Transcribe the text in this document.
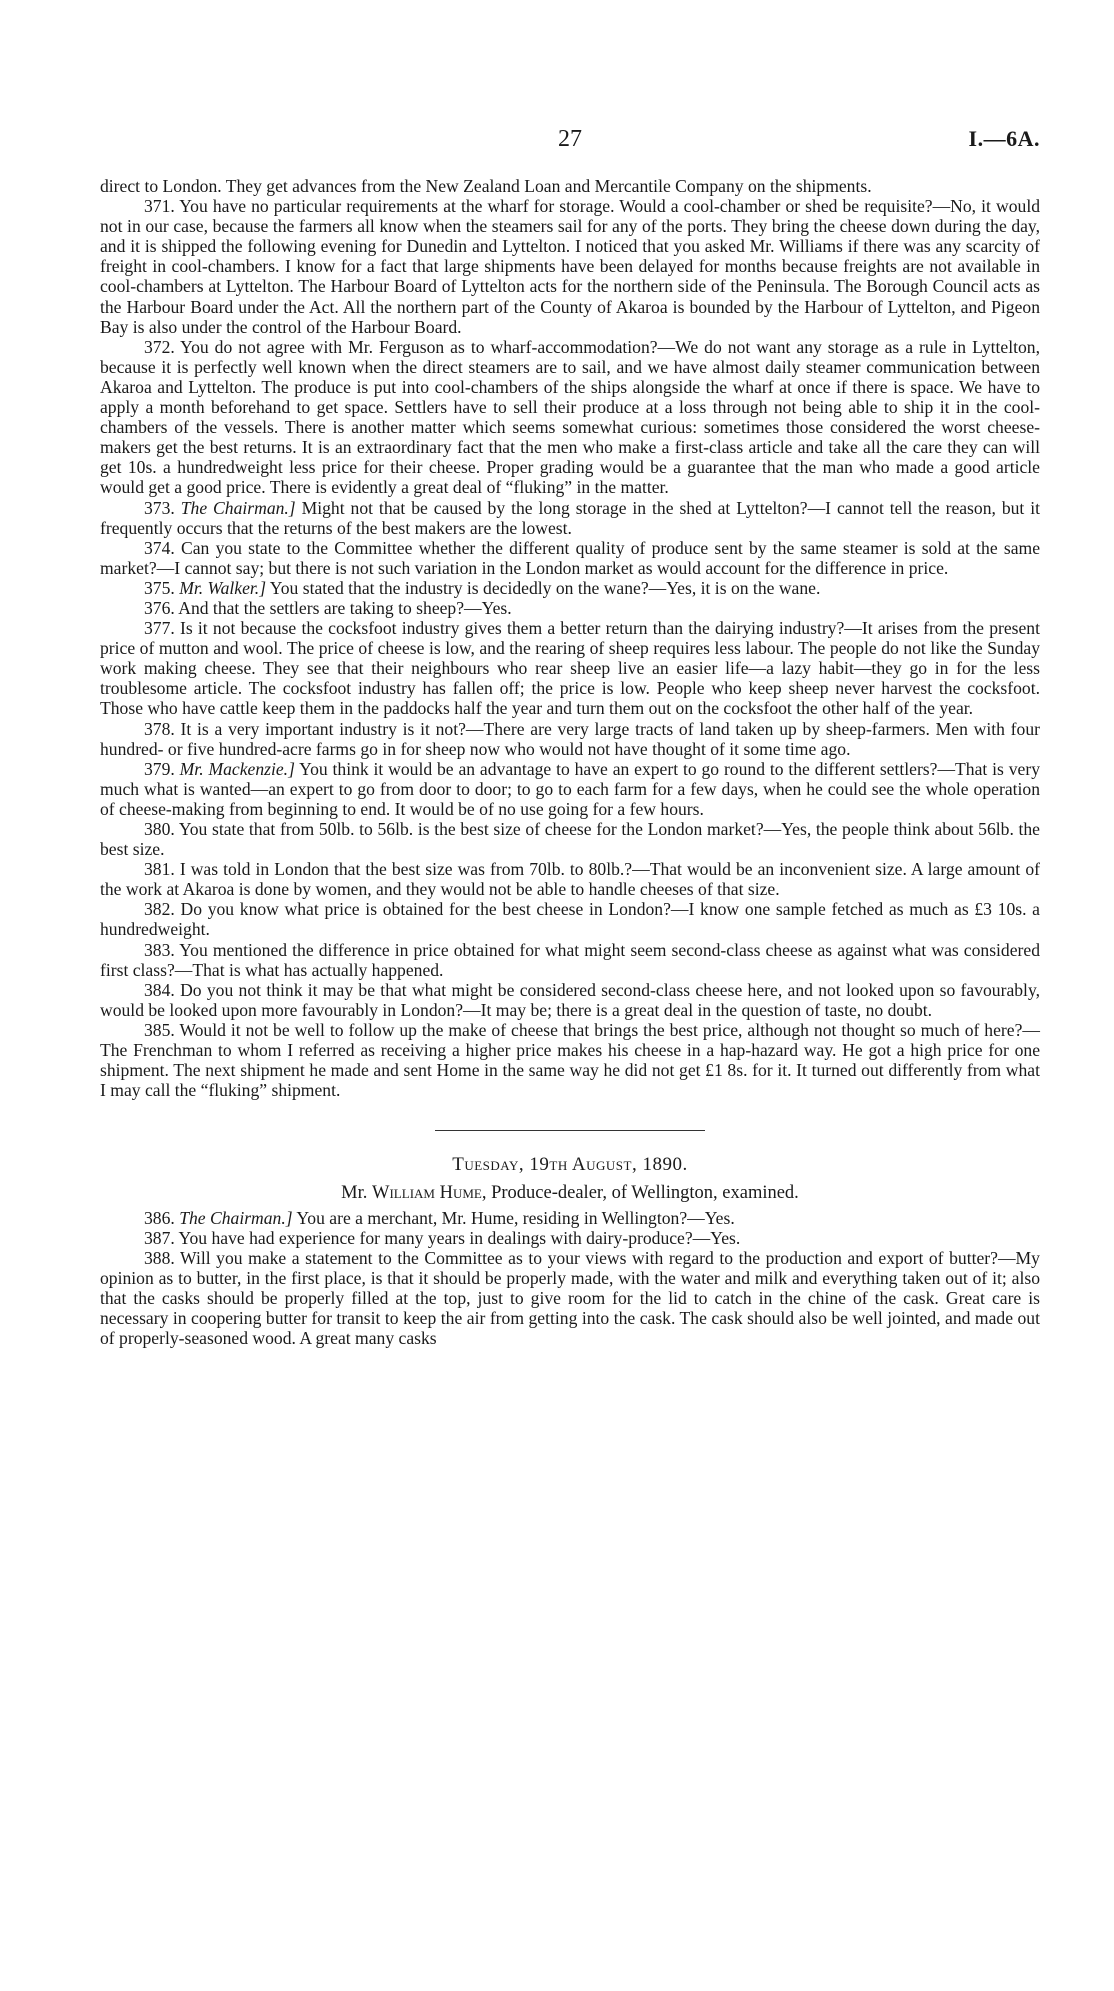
27	I.—6A.

direct to London. They get advances from the New Zealand Loan and Mercantile Company on the shipments.

371. You have no particular requirements at the wharf for storage. Would a cool-chamber or shed be requisite?—No, it would not in our case, because the farmers all know when the steamers sail for any of the ports. They bring the cheese down during the day, and it is shipped the following evening for Dunedin and Lyttelton. I noticed that you asked Mr. Williams if there was any scarcity of freight in cool-chambers. I know for a fact that large shipments have been delayed for months because freights are not available in cool-chambers at Lyttelton. The Harbour Board of Lyttelton acts for the northern side of the Peninsula. The Borough Council acts as the Harbour Board under the Act. All the northern part of the County of Akaroa is bounded by the Harbour of Lyttelton, and Pigeon Bay is also under the control of the Harbour Board.

372. You do not agree with Mr. Ferguson as to wharf-accommodation?—We do not want any storage as a rule in Lyttelton, because it is perfectly well known when the direct steamers are to sail, and we have almost daily steamer communication between Akaroa and Lyttelton. The produce is put into cool-chambers of the ships alongside the wharf at once if there is space. We have to apply a month beforehand to get space. Settlers have to sell their produce at a loss through not being able to ship it in the cool-chambers of the vessels. There is another matter which seems somewhat curious: sometimes those considered the worst cheese-makers get the best returns. It is an extraordinary fact that the men who make a first-class article and take all the care they can will get 10s. a hundredweight less price for their cheese. Proper grading would be a guarantee that the man who made a good article would get a good price. There is evidently a great deal of “fluking” in the matter.

373. The Chairman.] Might not that be caused by the long storage in the shed at Lyttelton?—I cannot tell the reason, but it frequently occurs that the returns of the best makers are the lowest.

374. Can you state to the Committee whether the different quality of produce sent by the same steamer is sold at the same market?—I cannot say; but there is not such variation in the London market as would account for the difference in price.

375. Mr. Walker.] You stated that the industry is decidedly on the wane?—Yes, it is on the wane.

376. And that the settlers are taking to sheep?—Yes.

377. Is it not because the cocksfoot industry gives them a better return than the dairying industry?—It arises from the present price of mutton and wool. The price of cheese is low, and the rearing of sheep requires less labour. The people do not like the Sunday work making cheese. They see that their neighbours who rear sheep live an easier life—a lazy habit—they go in for the less troublesome article. The cocksfoot industry has fallen off; the price is low. People who keep sheep never harvest the cocksfoot. Those who have cattle keep them in the paddocks half the year and turn them out on the cocksfoot the other half of the year.

378. It is a very important industry is it not?—There are very large tracts of land taken up by sheep-farmers. Men with four hundred- or five hundred-acre farms go in for sheep now who would not have thought of it some time ago.

379. Mr. Mackenzie.] You think it would be an advantage to have an expert to go round to the different settlers?—That is very much what is wanted—an expert to go from door to door; to go to each farm for a few days, when he could see the whole operation of cheese-making from beginning to end. It would be of no use going for a few hours.

380. You state that from 50lb. to 56lb. is the best size of cheese for the London market?—Yes, the people think about 56lb. the best size.

381. I was told in London that the best size was from 70lb. to 80lb.?—That would be an inconvenient size. A large amount of the work at Akaroa is done by women, and they would not be able to handle cheeses of that size.

382. Do you know what price is obtained for the best cheese in London?—I know one sample fetched as much as £3 10s. a hundredweight.

383. You mentioned the difference in price obtained for what might seem second-class cheese as against what was considered first class?—That is what has actually happened.

384. Do you not think it may be that what might be considered second-class cheese here, and not looked upon so favourably, would be looked upon more favourably in London?—It may be; there is a great deal in the question of taste, no doubt.

385. Would it not be well to follow up the make of cheese that brings the best price, although not thought so much of here?—The Frenchman to whom I referred as receiving a higher price makes his cheese in a hap-hazard way. He got a high price for one shipment. The next shipment he made and sent Home in the same way he did not get £1 8s. for it. It turned out differently from what I may call the “fluking” shipment.

Tuesday, 19th August, 1890.

Mr. William Hume, Produce-dealer, of Wellington, examined.

386. The Chairman.] You are a merchant, Mr. Hume, residing in Wellington?—Yes.

387. You have had experience for many years in dealings with dairy-produce?—Yes.

388. Will you make a statement to the Committee as to your views with regard to the production and export of butter?—My opinion as to butter, in the first place, is that it should be properly made, with the water and milk and everything taken out of it; also that the casks should be properly filled at the top, just to give room for the lid to catch in the chine of the cask. Great care is necessary in coopering butter for transit to keep the air from getting into the cask. The cask should also be well jointed, and made out of properly-seasoned wood. A great many casks
